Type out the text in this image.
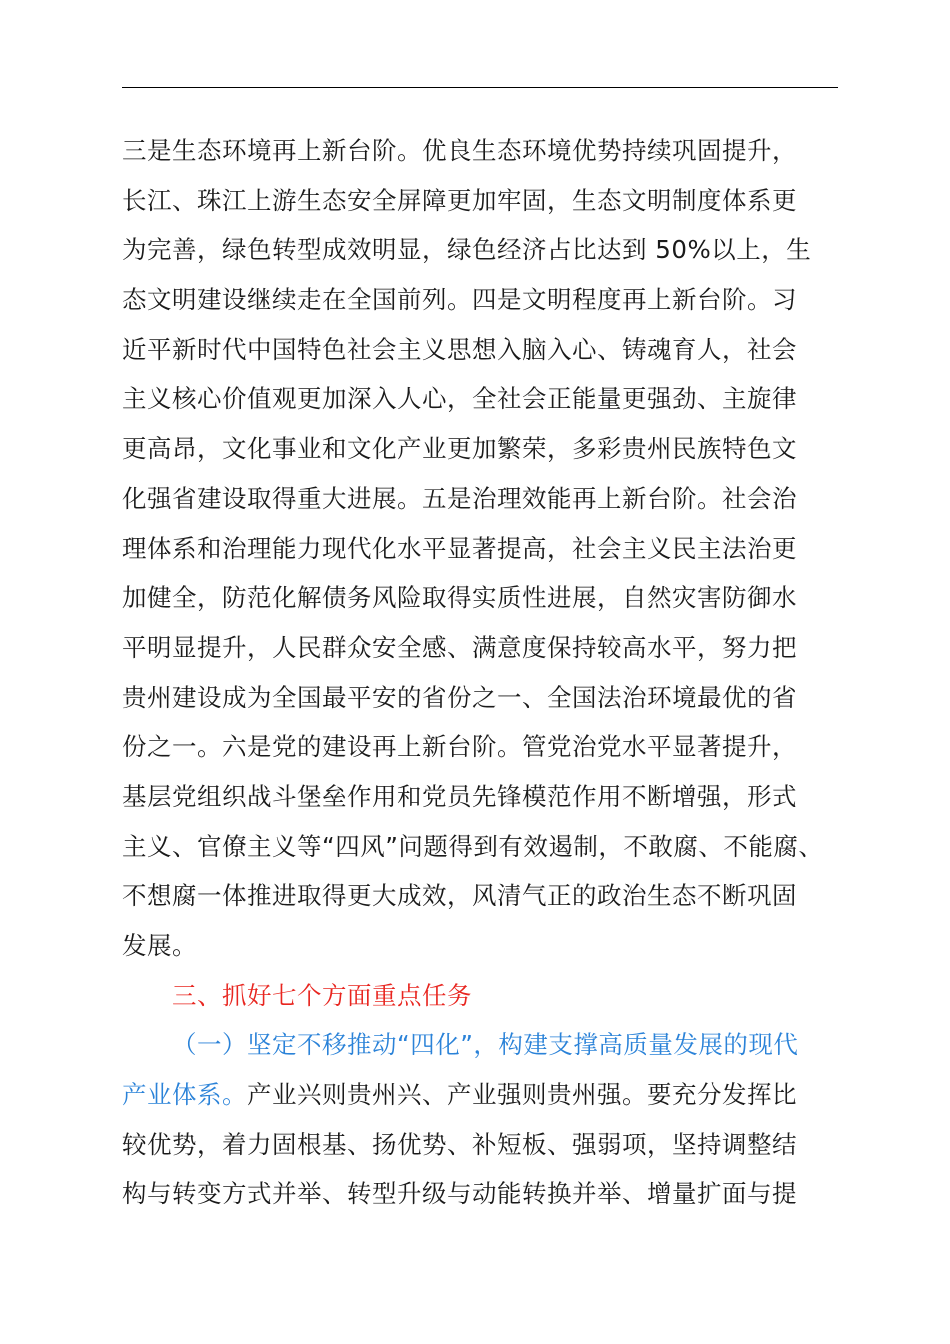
三是生态环境再上新台阶。优良生态环境优势持续巩固提升，
长江、珠江上游生态安全屏障更加牢固，生态文明制度体系更
为完善，绿色转型成效明显，绿色经济占比达到 50%以上，生
态文明建设继续走在全国前列。四是文明程度再上新台阶。习
近平新时代中国特色社会主义思想入脑入心、铸魂育人，社会
主义核心价值观更加深入人心，全社会正能量更强劲、主旋律
更高昂，文化事业和文化产业更加繁荣，多彩贵州民族特色文
化强省建设取得重大进展。五是治理效能再上新台阶。社会治
理体系和治理能力现代化水平显著提高，社会主义民主法治更
加健全，防范化解债务风险取得实质性进展，自然灾害防御水
平明显提升，人民群众安全感、满意度保持较高水平，努力把
贵州建设成为全国最平安的省份之一、全国法治环境最优的省
份之一。六是党的建设再上新台阶。管党治党水平显著提升，
基层党组织战斗堡垒作用和党员先锋模范作用不断增强，形式
主义、官僚主义等“四风”问题得到有效遏制，不敢腐、不能腐、
不想腐一体推进取得更大成效，风清气正的政治生态不断巩固
发展。
三、抓好七个方面重点任务
（一）坚定不移推动“四化”，构建支撑高质量发展的现代
产业体系。产业兴则贵州兴、产业强则贵州强。要充分发挥比
较优势，着力固根基、扬优势、补短板、强弱项，坚持调整结
构与转变方式并举、转型升级与动能转换并举、增量扩面与提
